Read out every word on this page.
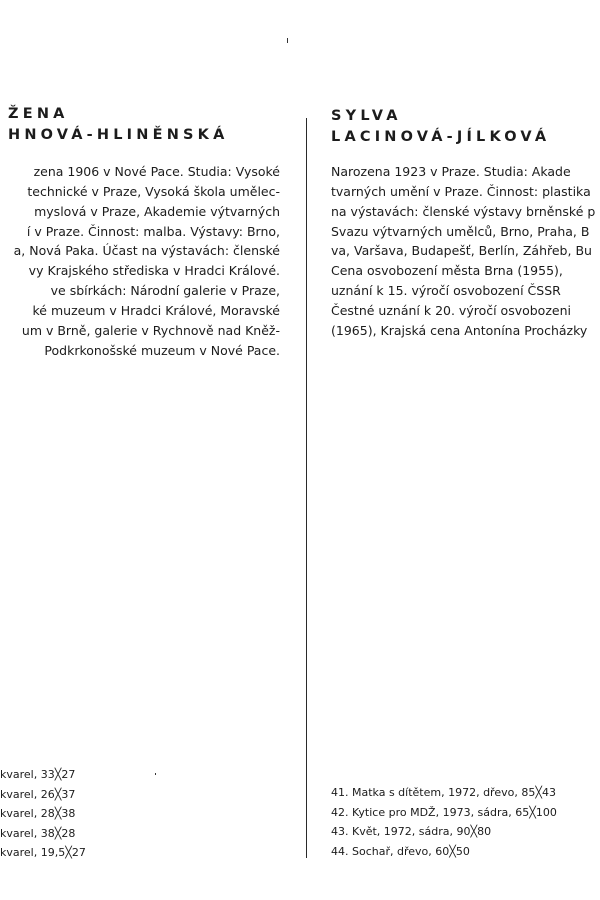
ŽENA
HNOVÁ-HLINĚNSKÁ
zena 1906 v Nové Pace. Studia: Vysoké
technické v Praze, Vysoká škola umělec-
myslová v Praze, Akademie výtvarných
í v Praze. Činnost: malba. Výstavy: Brno,
a, Nová Paka. Účast na výstavách: členské
vy Krajského střediska v Hradci Králové.
ve sbírkách: Národní galerie v Praze,
ké muzeum v Hradci Králové, Moravské
um v Brně, galerie v Rychnově nad Kněž-
Podkrkonošské muzeum v Nové Pace.
kvarel, 33╳27
kvarel, 26╳37
kvarel, 28╳38
kvarel, 38╳28
kvarel, 19,5╳27
SYLVA
LACINOVÁ-JÍLKOVÁ
Narozena 1923 v Praze. Studia: Akade
tvarných umění v Praze. Činnost: plastika
na výstavách: členské výstavy brněnské p
Svazu výtvarných umělců, Brno, Praha, B
va, Varšava, Budapešť, Berlín, Záhřeb, Bu
Cena osvobození města Brna (1955),
uznání k 15. výročí osvobození ČSSR
Čestné uznání k 20. výročí osvobozeni
(1965), Krajská cena Antonína Procházky
41. Matka s dítětem, 1972, dřevo, 85╳43
42. Kytice pro MDŽ, 1973, sádra, 65╳100
43. Květ, 1972, sádra, 90╳80
44. Sochař, dřevo, 60╳50
